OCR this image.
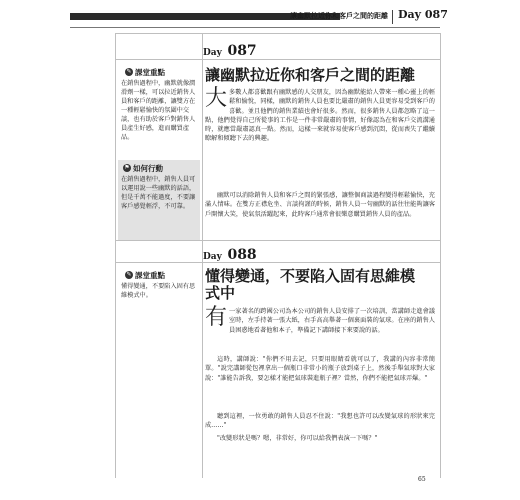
讓幽默拉近你和客戶之間的距離 Day 087
Day 087
✎ 課堂重點
在銷售過程中，幽默就像潤滑劑一樣，可以拉近銷售人員和客戶的距離，讓雙方在一種輕鬆愉快的氛圍中交談，也有助於客戶對銷售人員產生好感，進而購買產品。
⚑ 如何行動
在銷售過程中，銷售人員可以運用說一些幽默的話語，但是千萬不能過度，不要讓客戶感覺輕浮，不可靠。
讓幽默拉近你和客戶之間的距離
大多數人都喜歡跟有幽默感的人交朋友，因為幽默能給人帶來一種心靈上的輕鬆和愉悅，同樣，幽默的銷售人員也要比嚴肅的銷售人員更容易受到客戶的喜歡。並且他們的銷售業績也會好很多。然而，很多銷售人員都忽略了這一點，他們覺得自己所從事的工作是一件非常嚴肅的事情，好像認為在和客戶交流溝通時，就應當嚴肅認真一點。然而，這樣一來就容易使客戶感到沉悶，從而喪失了繼續瞭解和傾聽下去的興趣。
幽默可以消除銷售人員和客戶之間的緊張感，讓整個商談過程變得輕鬆愉快，充滿人情味。在雙方正襟危坐、言談拘謹的時候，銷售人員一句幽默的話往往能夠讓客戶開懷大笑，使氣氛活躍起來，此時客戶通常會很樂意購買銷售人員的產品。
Day 088
✎ 課堂重點
懂得變通，不要陷入固有思維模式中。
懂得變通，不要陷入固有思維模式中
有一家著名的跨國公司為本公司的銷售人員安排了一次培訓，當講師走進會議室時，左手持著一張大紙，右手高高舉著一個裏面裝的氣球。在座的銷售人員困惑地看著他和本子，準備記下講師接下來要說的話。
這時，講師說："你們不用去記，只要用眼睛看就可以了，我講的內容非常簡單。"說完講師從包裡拿出一個瓶口非常小的瓶子放到桌子上，然後手舉氣球對大家說："誰能告訴我，要怎樣才能把氣球裝進瓶子裡？當然，你們不能把氣球弄爆。"
聽到這裡，一位勇敢的銷售人員忍不住說："我想也許可以改變氣球的形狀來完成……"
"改變形狀是嗎？嗯，非常好，你可以給我們表演一下嗎？"
65
